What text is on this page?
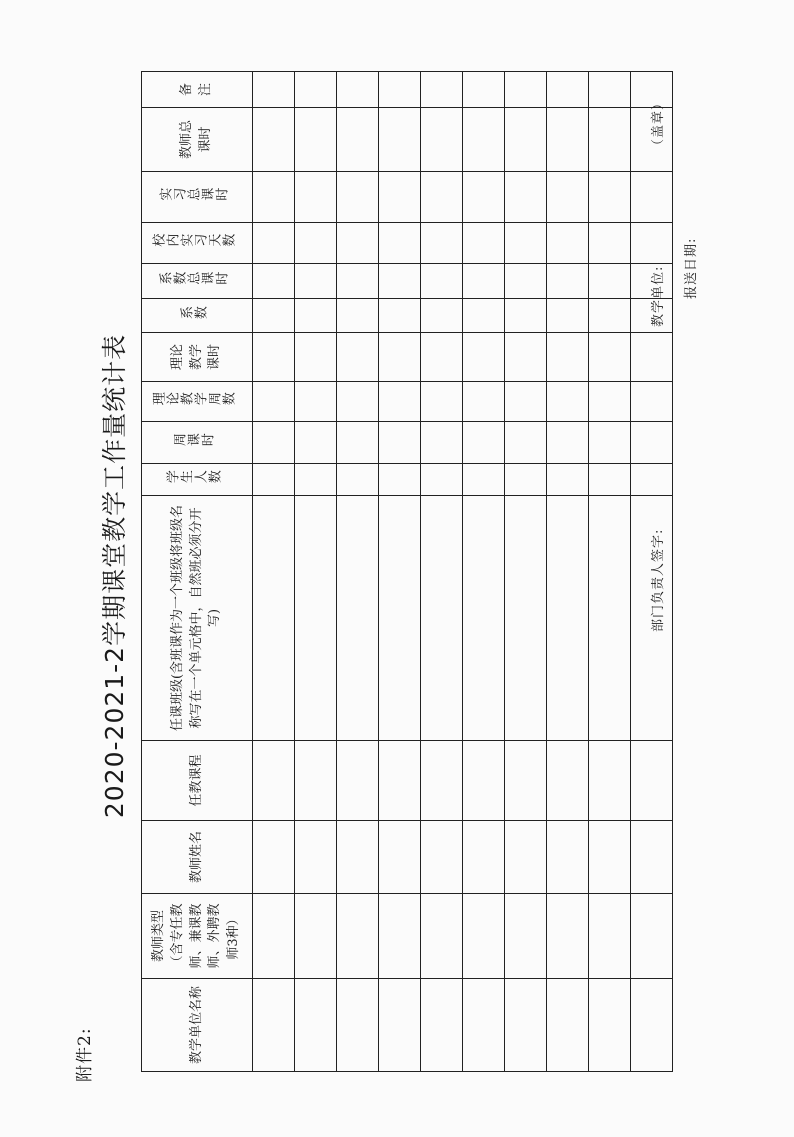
附件2:
2020-2021-2学期课堂教学工作量统计表
教学单位名称	教师类型（含专任教师、兼课教师、外聘教师3种）	教师姓名	任教课程	任课班级(含班课作为一个班级将班级名称写在一个单元格中，自然班必须分开写)	学生人数	周课时	理论教学周数	理论教学课时	系数	系数总课时	校内实习天数	实习总课时	教师总课时	备注

部门负责人签字:
教学单位:
（盖章）
报送日期:
